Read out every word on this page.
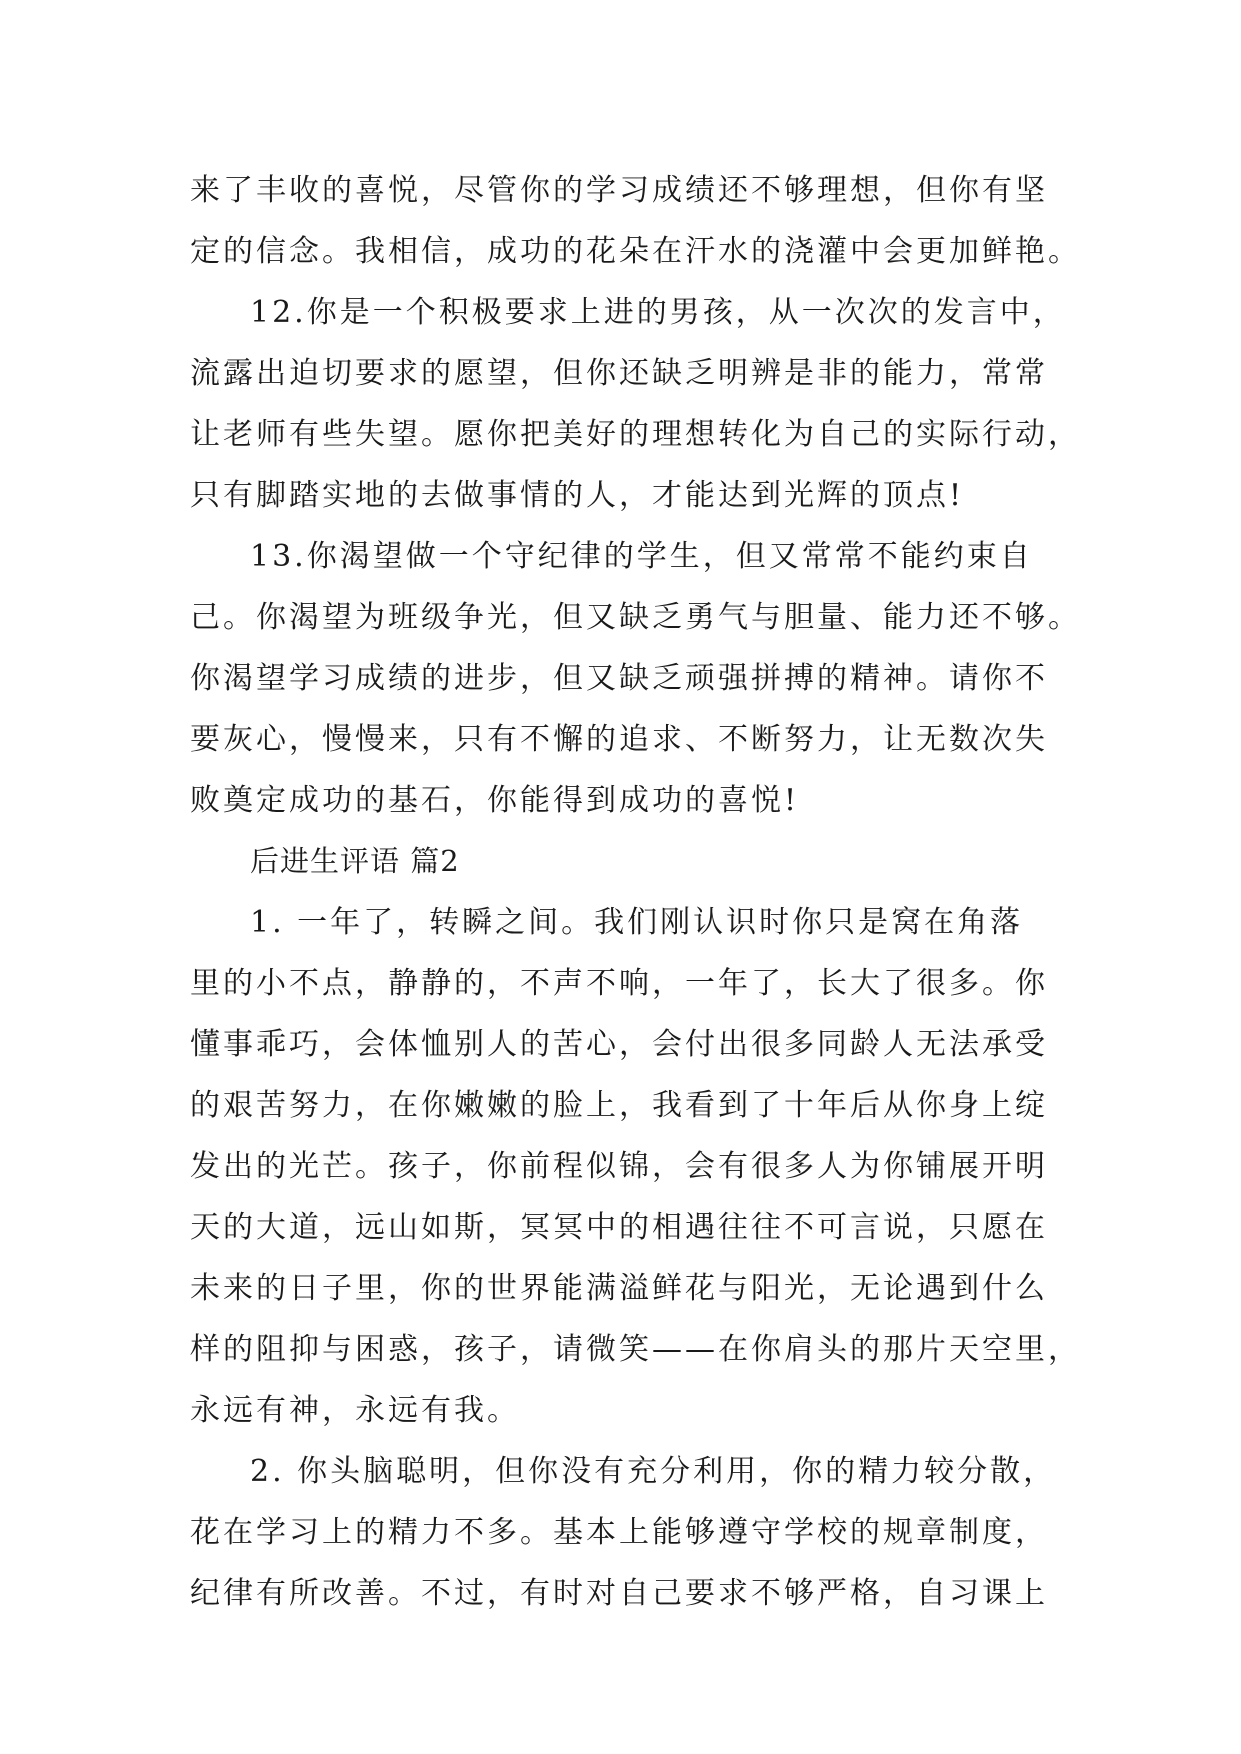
来了丰收的喜悦，尽管你的学习成绩还不够理想，但你有坚
定的信念。我相信，成功的花朵在汗水的浇灌中会更加鲜艳。
12.你是一个积极要求上进的男孩，从一次次的发言中，
流露出迫切要求的愿望，但你还缺乏明辨是非的能力，常常
让老师有些失望。愿你把美好的理想转化为自己的实际行动，
只有脚踏实地的去做事情的人，才能达到光辉的顶点!
13.你渴望做一个守纪律的学生，但又常常不能约束自
己。你渴望为班级争光，但又缺乏勇气与胆量、能力还不够。
你渴望学习成绩的进步，但又缺乏顽强拼搏的精神。请你不
要灰心，慢慢来，只有不懈的追求、不断努力，让无数次失
败奠定成功的基石，你能得到成功的喜悦!
后进生评语 篇2
1. 一年了，转瞬之间。我们刚认识时你只是窝在角落
里的小不点，静静的，不声不响，一年了，长大了很多。你
懂事乖巧，会体恤别人的苦心，会付出很多同龄人无法承受
的艰苦努力，在你嫩嫩的脸上，我看到了十年后从你身上绽
发出的光芒。孩子，你前程似锦，会有很多人为你铺展开明
天的大道，远山如斯，冥冥中的相遇往往不可言说，只愿在
未来的日子里，你的世界能满溢鲜花与阳光，无论遇到什么
样的阻抑与困惑，孩子，请微笑——在你肩头的那片天空里，
永远有神，永远有我。
2. 你头脑聪明，但你没有充分利用，你的精力较分散，
花在学习上的精力不多。基本上能够遵守学校的规章制度，
纪律有所改善。不过，有时对自己要求不够严格，自习课上
